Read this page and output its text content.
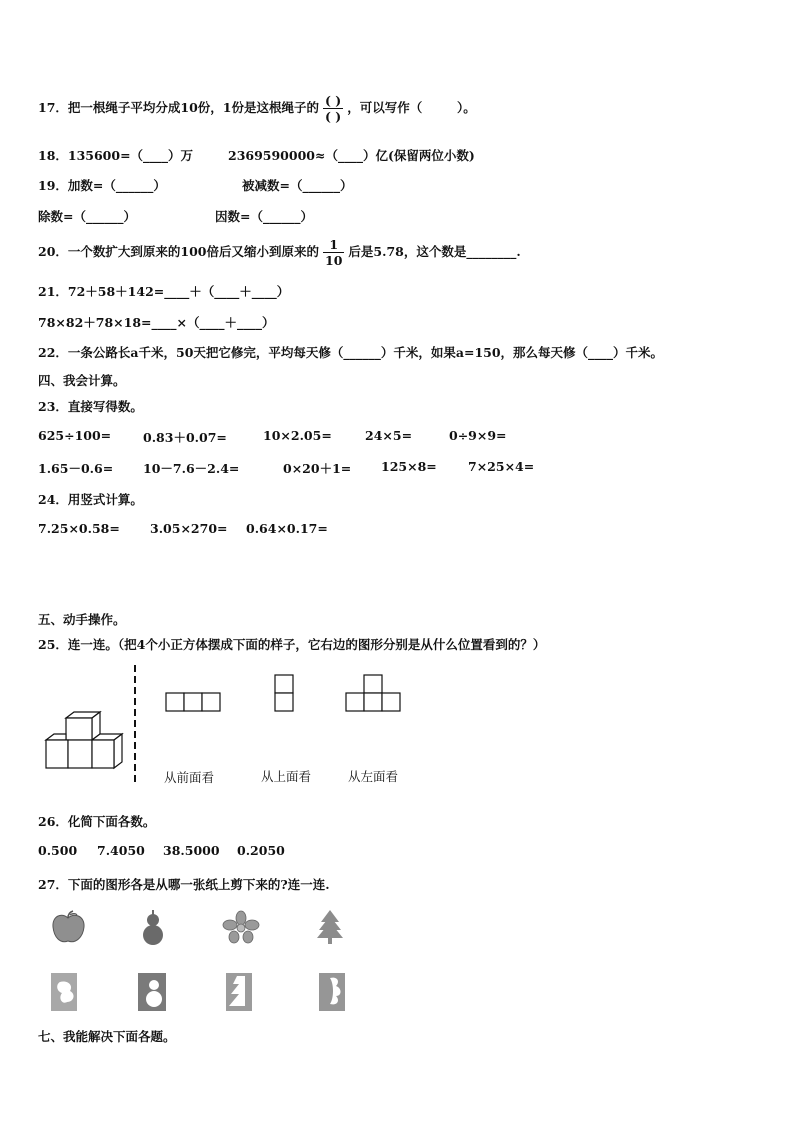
17．把一根绳子平均分成10份，1份是这根绳子的 $\frac{( )}{( )}$ ，可以写作（        ）。
18．135600=（____）万	2369590000≈（____）亿(保留两位小数)
19．加数=（______）	被减数=（______）
除数=（______）	因数=（______）
20．一个数扩大到原来的100倍后又缩小到原来的 $\frac{1}{10}$ 后是5.78，这个数是________.
21．72＋58＋142=____＋（____＋____）
78×82＋78×18=____×（____＋____）
22．一条公路长a千米，50天把它修完，平均每天修（______）千米，如果a=150，那么每天修（____）千米。
四、我会计算。
23．直接写得数。
625÷100=	0.83＋0.07=	10×2.05=	24×5=	0÷9×9=
1.65－0.6= 10－7.6－2.4=	0×20＋1= 125×8=	7×25×4=
24．用竖式计算。
7.25×0.58= 3.05×270= 0.64×0.17=
五、动手操作。
25．连一连。（把4个小正方体摆成下面的样子，它右边的图形分别是从什么位置看到的？）
从前面看	从上面看	从左面看
26．化简下面各数。
0.500 7.4050 38.5000 0.2050
27．下面的图形各是从哪一张纸上剪下来的?连一连.
七、我能解决下面各题。
